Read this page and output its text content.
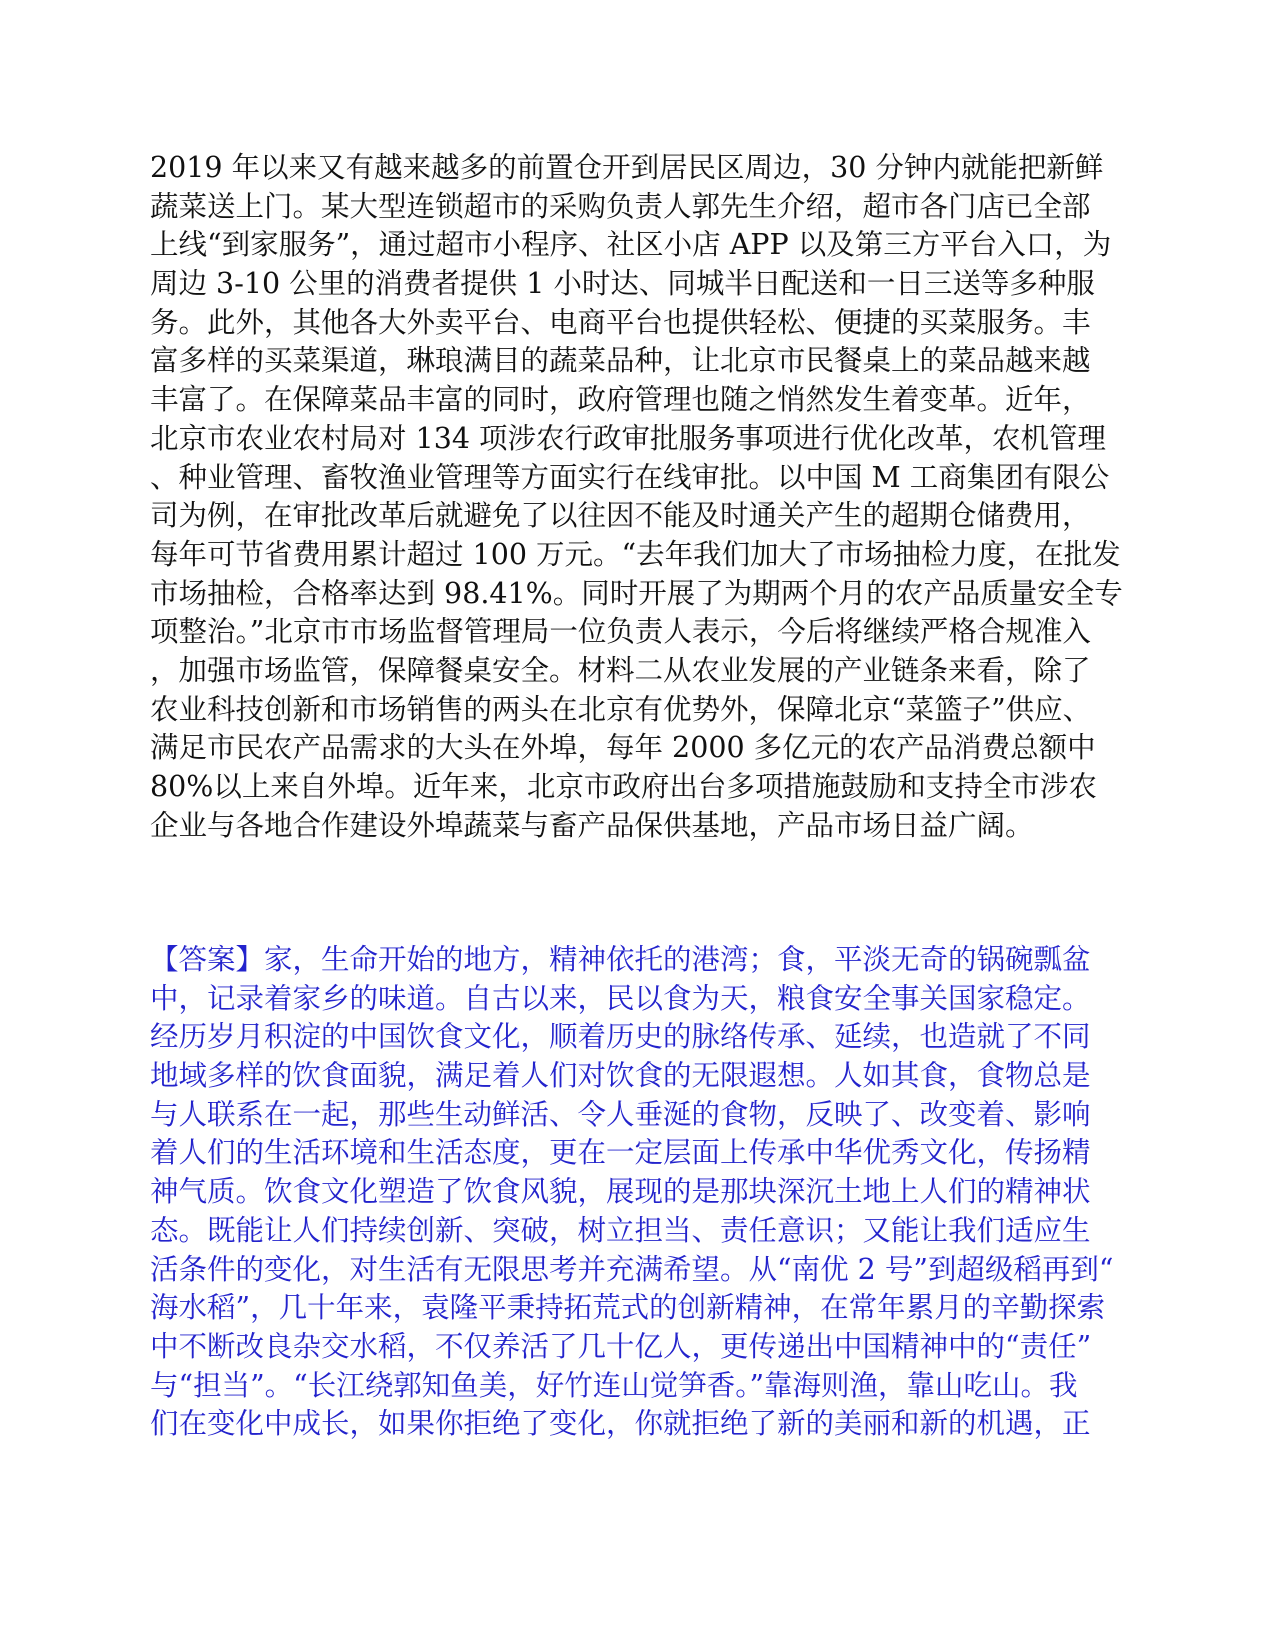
2019 年以来又有越来越多的前置仓开到居民区周边，30 分钟内就能把新鲜
蔬菜送上门。某大型连锁超市的采购负责人郭先生介绍，超市各门店已全部
上线“到家服务”，通过超市小程序、社区小店 APP 以及第三方平台入口，为
周边 3-10 公里的消费者提供 1 小时达、同城半日配送和一日三送等多种服
务。此外，其他各大外卖平台、电商平台也提供轻松、便捷的买菜服务。丰
富多样的买菜渠道，琳琅满目的蔬菜品种，让北京市民餐桌上的菜品越来越
丰富了。在保障菜品丰富的同时，政府管理也随之悄然发生着变革。近年，
北京市农业农村局对 134 项涉农行政审批服务事项进行优化改革，农机管理
、种业管理、畜牧渔业管理等方面实行在线审批。以中国 M 工商集团有限公
司为例，在审批改革后就避免了以往因不能及时通关产生的超期仓储费用，
每年可节省费用累计超过 100 万元。“去年我们加大了市场抽检力度，在批发
市场抽检，合格率达到 98.41%。同时开展了为期两个月的农产品质量安全专
项整治。”北京市市场监督管理局一位负责人表示，今后将继续严格合规准入
，加强市场监管，保障餐桌安全。材料二从农业发展的产业链条来看，除了
农业科技创新和市场销售的两头在北京有优势外，保障北京“菜篮子”供应、
满足市民农产品需求的大头在外埠，每年 2000 多亿元的农产品消费总额中
80%以上来自外埠。近年来，北京市政府出台多项措施鼓励和支持全市涉农
企业与各地合作建设外埠蔬菜与畜产品保供基地，产品市场日益广阔。
【答案】家，生命开始的地方，精神依托的港湾；食，平淡无奇的锅碗瓢盆
中，记录着家乡的味道。自古以来，民以食为天，粮食安全事关国家稳定。
经历岁月积淀的中国饮食文化，顺着历史的脉络传承、延续，也造就了不同
地域多样的饮食面貌，满足着人们对饮食的无限遐想。人如其食，食物总是
与人联系在一起，那些生动鲜活、令人垂涎的食物，反映了、改变着、影响
着人们的生活环境和生活态度，更在一定层面上传承中华优秀文化，传扬精
神气质。饮食文化塑造了饮食风貌，展现的是那块深沉土地上人们的精神状
态。既能让人们持续创新、突破，树立担当、责任意识；又能让我们适应生
活条件的变化，对生活有无限思考并充满希望。从“南优 2 号”到超级稻再到“
海水稻”，几十年来，袁隆平秉持拓荒式的创新精神，在常年累月的辛勤探索
中不断改良杂交水稻，不仅养活了几十亿人，更传递出中国精神中的“责任”
与“担当”。“长江绕郭知鱼美，好竹连山觉笋香。”靠海则渔，靠山吃山。我
们在变化中成长，如果你拒绝了变化，你就拒绝了新的美丽和新的机遇，正
